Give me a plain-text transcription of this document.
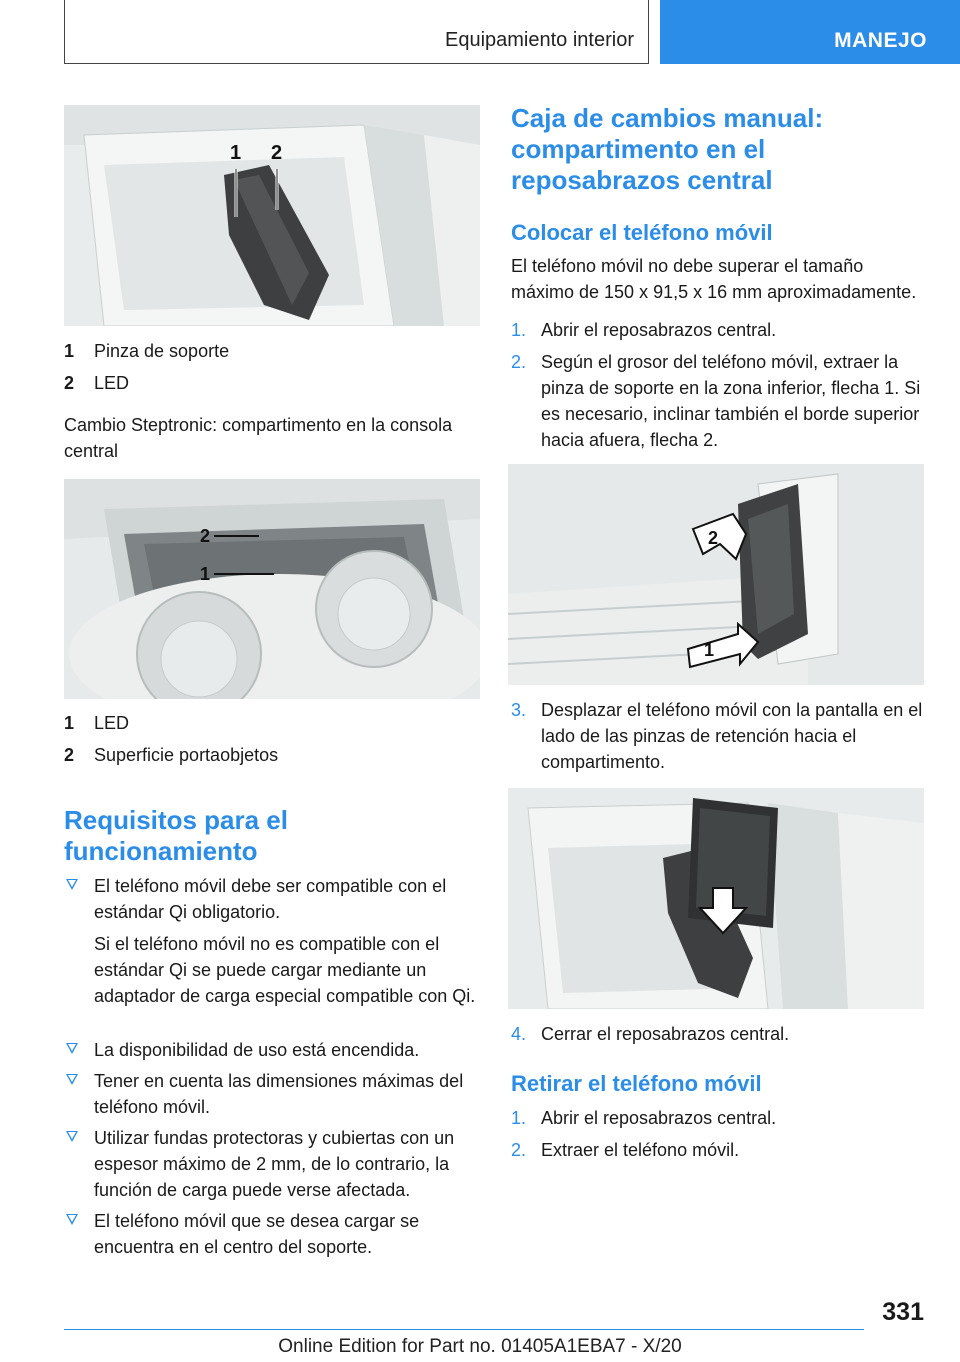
Equipamiento interior	MANEJO
1 2
1 Pinza de soporte
2 LED
Cambio Steptronic: compartimento en la consola central
2
1
1 LED
2 Superficie portaobjetos
Requisitos para el funcionamiento

El teléfono móvil debe ser compatible con el estándar Qi obligatorio.

Si el teléfono móvil no es compatible con el estándar Qi se puede cargar mediante un adaptador de carga especial compatible con Qi.

La disponibilidad de uso está encendida.

Tener en cuenta las dimensiones máximas del teléfono móvil.

Utilizar fundas protectoras y cubiertas con un espesor máximo de 2 mm, de lo contrario, la función de carga puede verse afectada.

El teléfono móvil que se desea cargar se encuentra en el centro del soporte.

Caja de cambios manual: compartimento en el reposabrazos central
Colocar el teléfono móvil
El teléfono móvil no debe superar el tamaño máximo de 150 x 91,5 x 16 mm aproximadamente.
1. Abrir el reposabrazos central.

2. Según el grosor del teléfono móvil, extraer la pinza de soporte en la zona inferior, flecha 1. Si es necesario, inclinar también el borde superior hacia afuera, flecha 2.

1
2
3. Desplazar el teléfono móvil con la pantalla en el lado de las pinzas de retención hacia el compartimento.

4. Cerrar el reposabrazos central.

Retirar el teléfono móvil
1. Abrir el reposabrazos central.

2. Extraer el teléfono móvil.

331
Online Edition for Part no. 01405A1EBA7 - X/20
